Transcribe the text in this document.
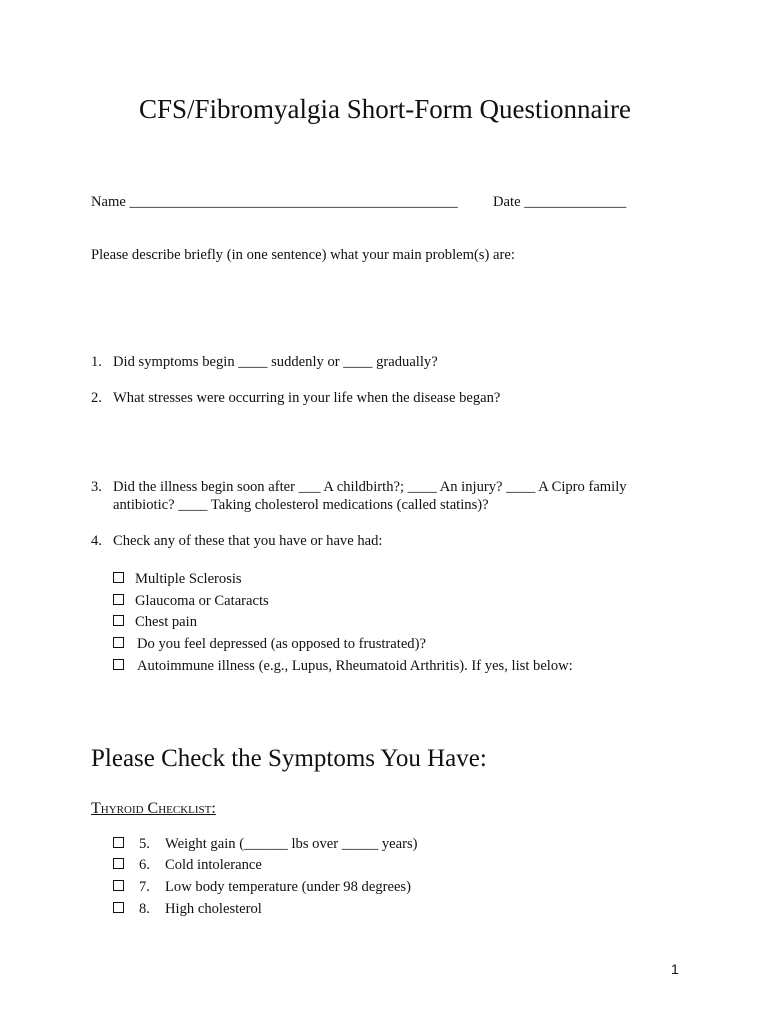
CFS/Fibromyalgia Short-Form Questionnaire
Name _____________________________________________ Date ______________
Please describe briefly (in one sentence) what your main problem(s) are:
1. Did symptoms begin ____ suddenly or ____ gradually?
2. What stresses were occurring in your life when the disease began?
3. Did the illness begin soon after ___ A childbirth?; ____ An injury? ____ A Cipro family
antibiotic? ____ Taking cholesterol medications (called statins)?
4. Check any of these that you have or have had:
Multiple Sclerosis
Glaucoma or Cataracts
Chest pain
Do you feel depressed (as opposed to frustrated)?
Autoimmune illness (e.g., Lupus, Rheumatoid Arthritis). If yes, list below:
Please Check the Symptoms You Have:
Thyroid Checklist:
5. Weight gain (______ lbs over _____ years)
6. Cold intolerance
7. Low body temperature (under 98 degrees)
8. High cholesterol
1
